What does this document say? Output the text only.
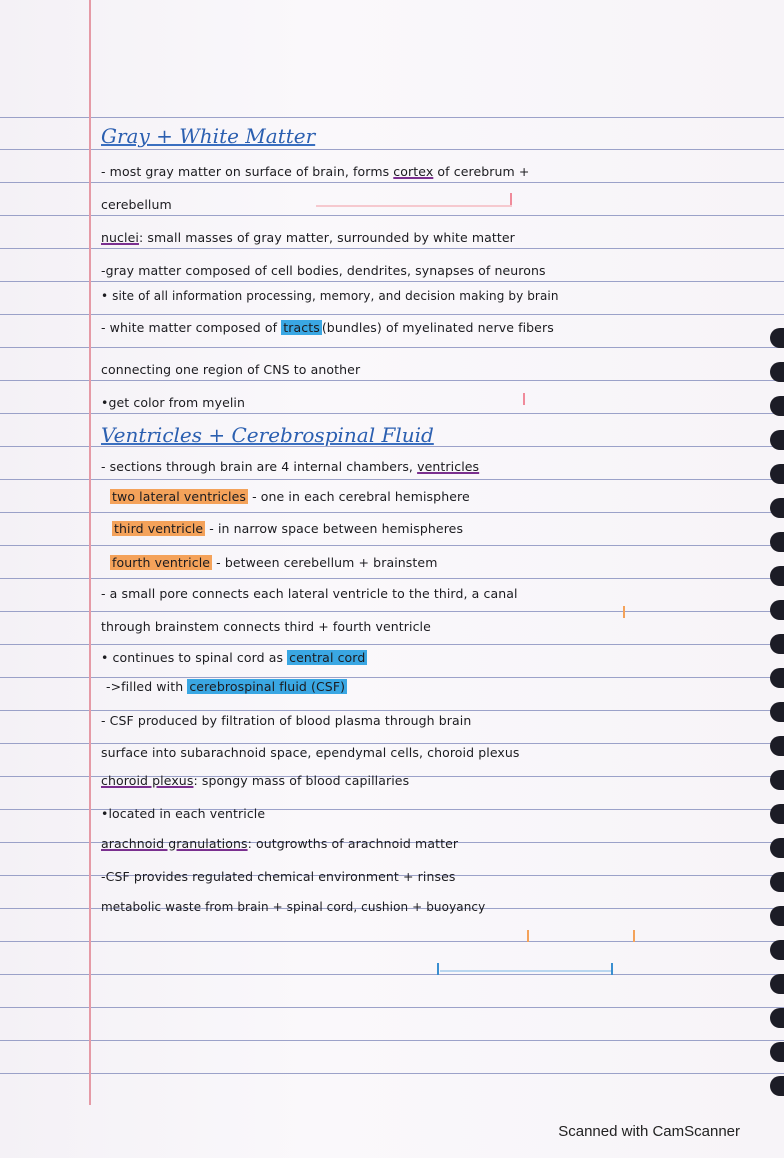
Gray + White Matter
- most gray matter on surface of brain, forms cortex of cerebrum +
cerebellum
nuclei: small masses of gray matter, surrounded by white matter
-gray matter composed of cell bodies, dendrites, synapses of neurons
• site of all information processing, memory, and decision making by brain
- white matter composed of tracts (bundles) of myelinated nerve fibers
connecting one region of CNS to another
•get color from myelin
Ventricles + Cerebrospinal Fluid
- sections through brain are 4 internal chambers, ventricles
two lateral ventricles - one in each cerebral hemisphere
third ventricle - in narrow space between hemispheres
fourth ventricle - between cerebellum + brainstem
- a small pore connects each lateral ventricle to the third, a canal
through brainstem connects third + fourth ventricle
• continues to spinal cord as central cord
->filled with cerebrospinal fluid (CSF)
- CSF produced by filtration of blood plasma through brain
surface into subarachnoid space, ependymal cells, choroid plexus
choroid plexus: spongy mass of blood capillaries
•located in each ventricle
arachnoid granulations: outgrowths of arachnoid matter
-CSF provides regulated chemical environment + rinses
metabolic waste from brain + spinal cord, cushion + buoyancy
Scanned with CamScanner
